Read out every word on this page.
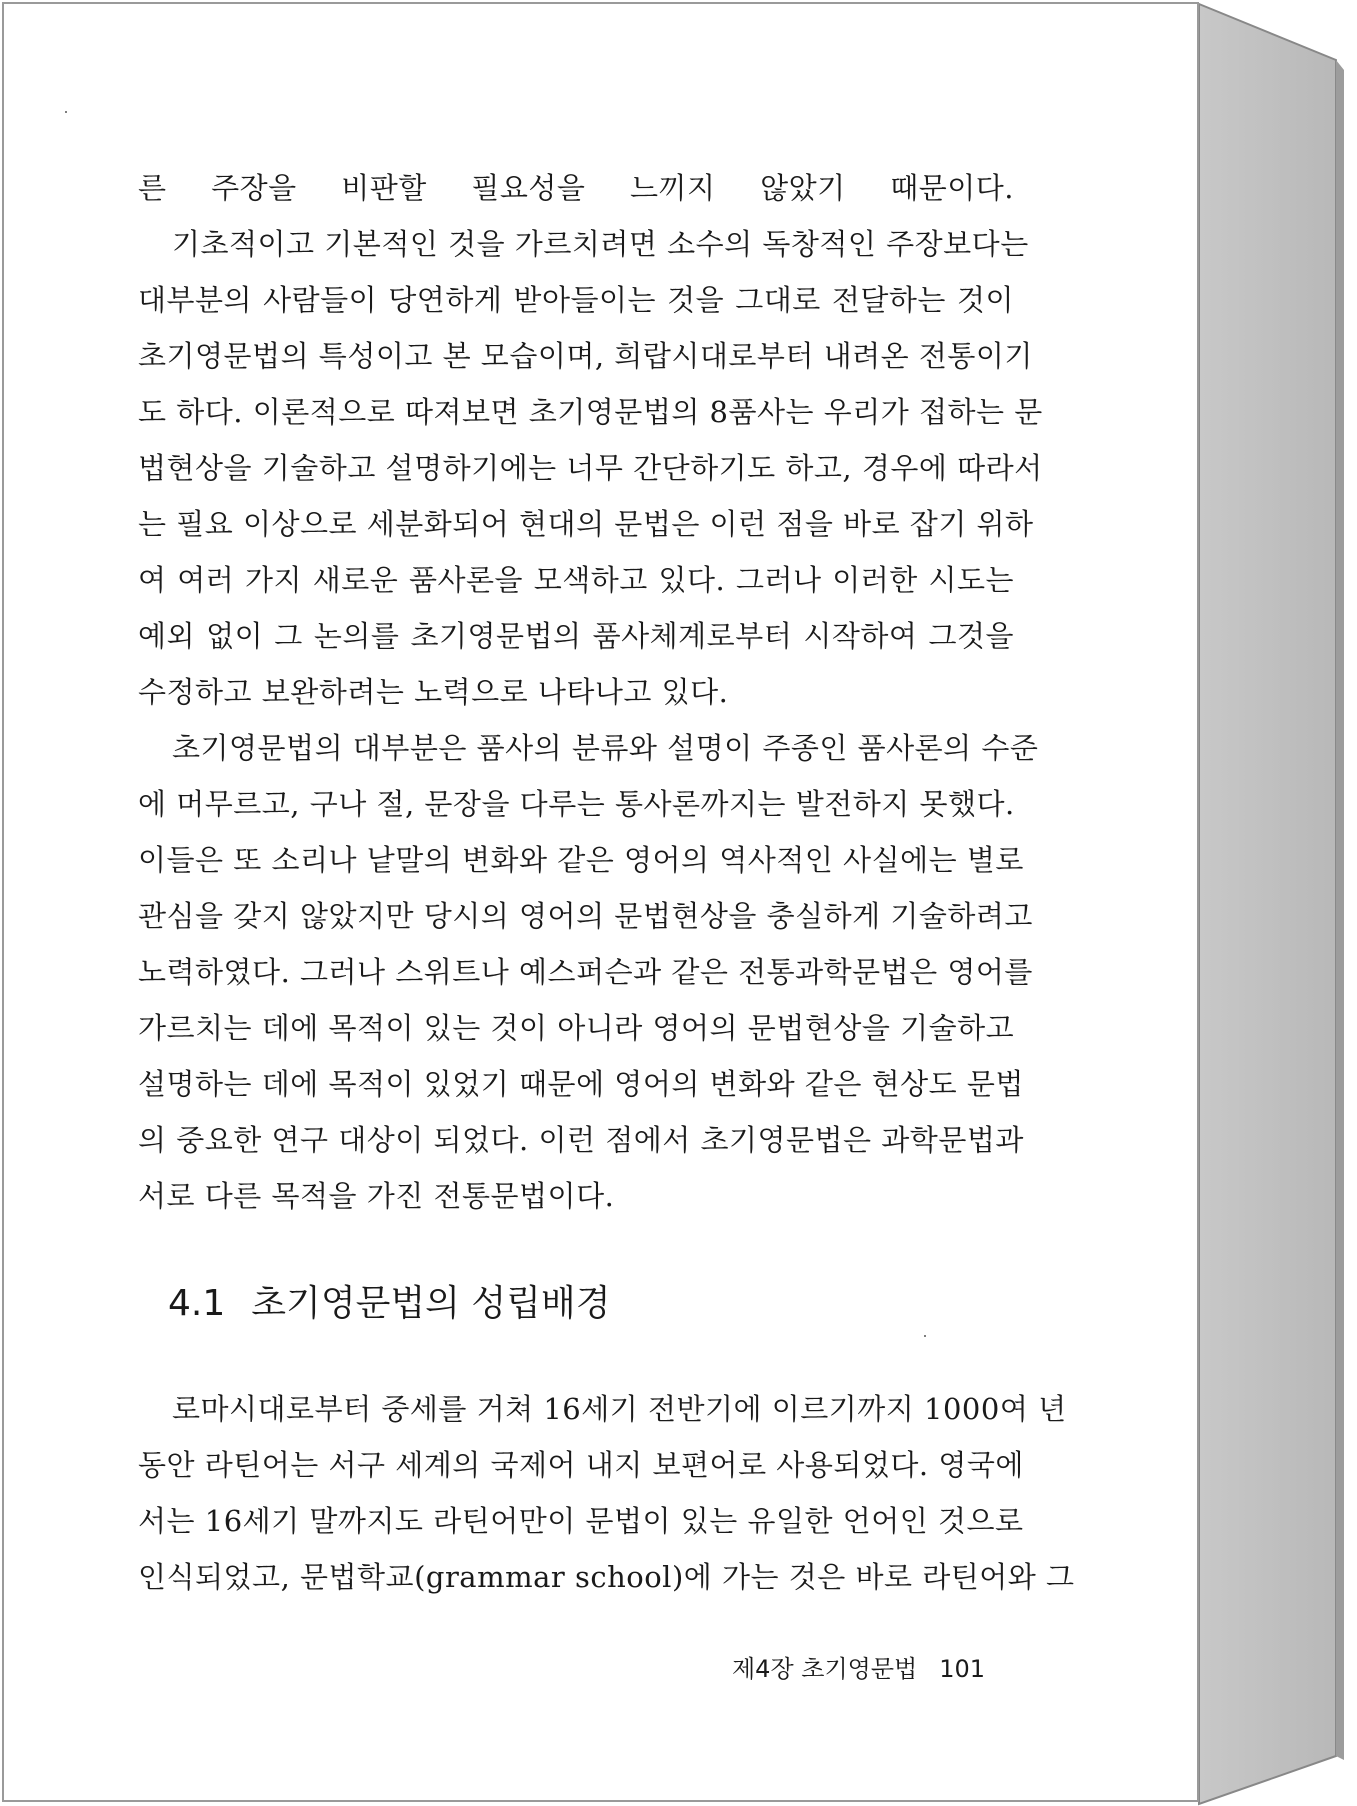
른 주장을 비판할 필요성을 느끼지 않았기 때문이다.
기초적이고 기본적인 것을 가르치려면 소수의 독창적인 주장보다는
대부분의 사람들이 당연하게 받아들이는 것을 그대로 전달하는 것이
초기영문법의 특성이고 본 모습이며, 희랍시대로부터 내려온 전통이기
도 하다. 이론적으로 따져보면 초기영문법의 8품사는 우리가 접하는 문
법현상을 기술하고 설명하기에는 너무 간단하기도 하고, 경우에 따라서
는 필요 이상으로 세분화되어 현대의 문법은 이런 점을 바로 잡기 위하
여 여러 가지 새로운 품사론을 모색하고 있다. 그러나 이러한 시도는
예외 없이 그 논의를 초기영문법의 품사체계로부터 시작하여 그것을
수정하고 보완하려는 노력으로 나타나고 있다.
초기영문법의 대부분은 품사의 분류와 설명이 주종인 품사론의 수준
에 머무르고, 구나 절, 문장을 다루는 통사론까지는 발전하지 못했다.
이들은 또 소리나 낱말의 변화와 같은 영어의 역사적인 사실에는 별로
관심을 갖지 않았지만 당시의 영어의 문법현상을 충실하게 기술하려고
노력하였다. 그러나 스위트나 예스퍼슨과 같은 전통과학문법은 영어를
가르치는 데에 목적이 있는 것이 아니라 영어의 문법현상을 기술하고
설명하는 데에 목적이 있었기 때문에 영어의 변화와 같은 현상도 문법
의 중요한 연구 대상이 되었다. 이런 점에서 초기영문법은 과학문법과
서로 다른 목적을 가진 전통문법이다.
4.1 초기영문법의 성립배경
로마시대로부터 중세를 거쳐 16세기 전반기에 이르기까지 1000여 년
동안 라틴어는 서구 세계의 국제어 내지 보편어로 사용되었다. 영국에
서는 16세기 말까지도 라틴어만이 문법이 있는 유일한 언어인 것으로
인식되었고, 문법학교(grammar school)에 가는 것은 바로 라틴어와 그
제4장 초기영문법 101
